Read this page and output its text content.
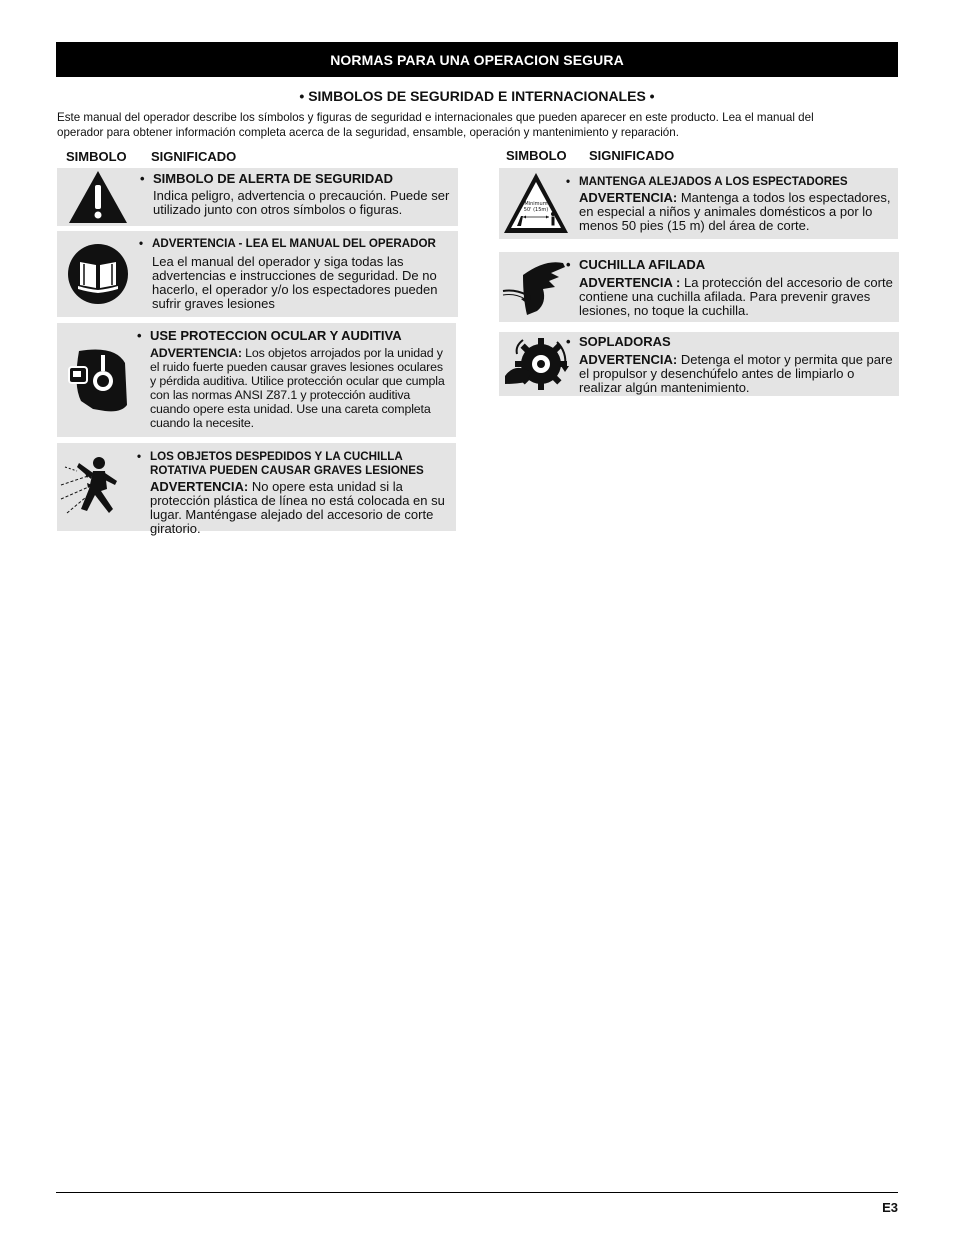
NORMAS PARA UNA OPERACION SEGURA
• SIMBOLOS DE SEGURIDAD E INTERNACIONALES •
Este manual del operador describe los símbolos y figuras de seguridad e internacionales que pueden aparecer en este producto. Lea el manual del
operador para obtener información completa acerca de la seguridad, ensamble, operación y mantenimiento y reparación.
SIMBOLO SIGNIFICADO	SIMBOLO SIGNIFICADO
• SIMBOLO DE ALERTA DE SEGURIDAD
Indica peligro, advertencia o precaución. Puede ser utilizado junto con otros símbolos o figuras.
• ADVERTENCIA - LEA EL MANUAL DEL OPERADOR
Lea el manual del operador y siga todas las advertencias e instrucciones de seguridad. De no hacerlo, el operador y/o los espectadores pueden sufrir graves lesiones
• USE PROTECCION OCULAR Y AUDITIVA
ADVERTENCIA: Los objetos arrojados por la unidad y el ruido fuerte pueden causar graves lesiones oculares y pérdida auditiva. Utilice protección ocular que cumpla con las normas ANSI Z87.1 y protección auditiva cuando opere esta unidad. Use una careta completa cuando la necesite.
• LOS OBJETOS DESPEDIDOS Y LA CUCHILLA ROTATIVA PUEDEN CAUSAR GRAVES LESIONES
ADVERTENCIA: No opere esta unidad si la protección plástica de línea no está colocada en su lugar. Manténgase alejado del accesorio de corte giratorio.
Minimum
50' (15m)
• MANTENGA ALEJADOS A LOS ESPECTADORES
ADVERTENCIA: Mantenga a todos los espectadores, en especial a niños y animales domésticos a por lo menos 50 pies (15 m) del área de corte.
• CUCHILLA AFILADA
ADVERTENCIA : La protección del accesorio de corte contiene una cuchilla afilada. Para prevenir graves lesiones, no toque la cuchilla.
• SOPLADORAS
ADVERTENCIA: Detenga el motor y permita que pare el propulsor y desenchúfelo antes de limpiarlo o realizar algún mantenimiento.
E3
